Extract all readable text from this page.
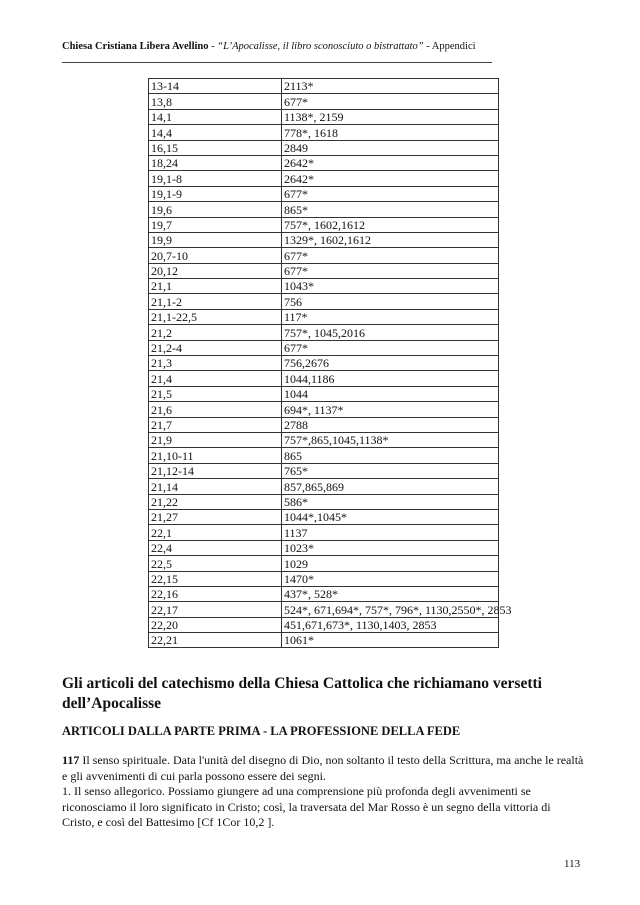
Chiesa Cristiana Libera Avellino - “L’Apocalisse, il libro sconosciuto o bistrattato” - Appendici
13-14	2113*
13,8	677*
14,1	1138*, 2159
14,4	778*, 1618
16,15	2849
18,24	2642*
19,1-8	2642*
19,1-9	677*
19,6	865*
19,7	757*, 1602,1612
19,9	1329*, 1602,1612
20,7-10	677*
20,12	677*
21,1	1043*
21,1-2	756
21,1-22,5	117*
21,2	757*, 1045,2016
21,2-4	677*
21,3	756,2676
21,4	1044,1186
21,5	1044
21,6	694*, 1137*
21,7	2788
21,9	757*,865,1045,1138*
21,10-11	865
21,12-14	765*
21,14	857,865,869
21,22	586*
21,27	1044*,1045*
22,1	1137
22,4	1023*
22,5	1029
22,15	1470*
22,16	437*, 528*
22,17	524*, 671,694*, 757*, 796*, 1130,2550*, 2853
22,20	451,671,673*, 1130,1403, 2853
22,21	1061*
Gli articoli del catechismo della Chiesa Cattolica che richiamano versetti dell’Apocalisse
ARTICOLI DALLA PARTE PRIMA - LA PROFESSIONE DELLA FEDE

117 Il senso spirituale. Data l'unità del disegno di Dio, non soltanto il testo della Scrittura, ma anche le realtà e gli avvenimenti di cui parla possono essere dei segni.

1. Il senso allegorico. Possiamo giungere ad una comprensione più profonda degli avvenimenti se riconosciamo il loro significato in Cristo; così, la traversata del Mar Rosso è un segno della vittoria di Cristo, e così del Battesimo [Cf 1Cor 10,2 ].

113
